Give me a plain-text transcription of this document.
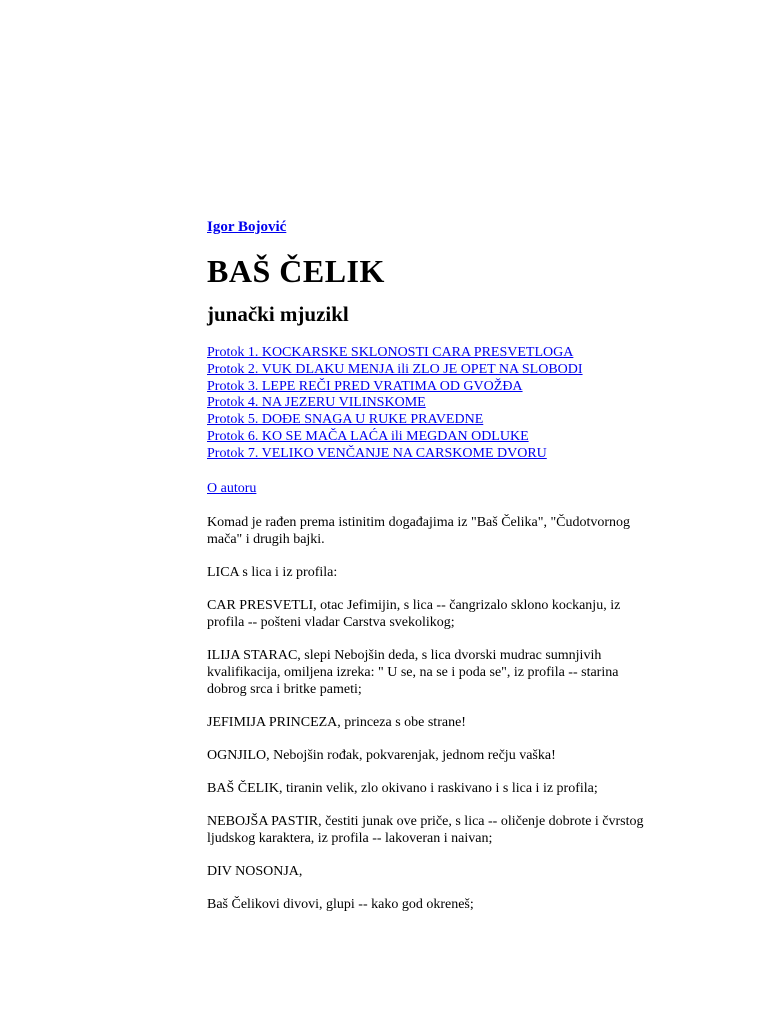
Igor Bojović
BAŠ ČELIK
junački mjuzikl
Protok 1. KOCKARSKE SKLONOSTI CARA PRESVETLOGA
Protok 2. VUK DLAKU MENJA ili ZLO JE OPET NA SLOBODI
Protok 3. LEPE REČI PRED VRATIMA OD GVOŽĐA
Protok 4. NA JEZERU VILINSKOME
Protok 5. DOĐE SNAGA U RUKE PRAVEDNE
Protok 6. KO SE MAČA LAĆA ili MEGDAN ODLUKE
Protok 7. VELIKO VENČANJE NA CARSKOME DVORU
O autoru

Komad je rađen prema istinitim događajima iz "Baš Čelika", "Čudotvornog

mača" i drugih bajki.

LICA s lica i iz profila:

CAR PRESVETLI, otac Jefimijin, s lica -- čangrizalo sklono kockanju, iz

profila -- pošteni vladar Carstva svekolikog;

ILIJA STARAC, slepi Nebojšin deda, s lica dvorski mudrac sumnjivih

kvalifikacija, omiljena izreka: " U se, na se i poda se", iz profila -- starina

dobrog srca i britke pameti;

JEFIMIJA PRINCEZA, princeza s obe strane!

OGNJILO, Nebojšin rođak, pokvarenjak, jednom rečju vaška!

BAŠ ČELIK, tiranin velik, zlo okivano i raskivano i s lica i iz profila;

NEBOJŠA PASTIR, čestiti junak ove priče, s lica -- oličenje dobrote i čvrstog

ljudskog karaktera, iz profila -- lakoveran i naivan;

DIV NOSONJA,

Baš Čelikovi divovi, glupi -- kako god okreneš;
